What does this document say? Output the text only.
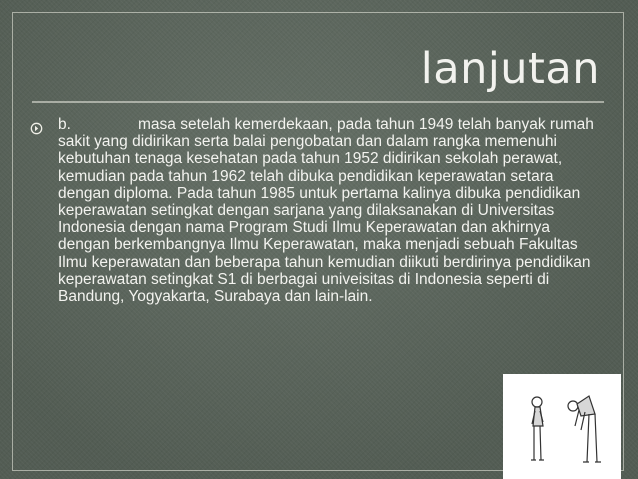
lanjutan
b.	masa setelah kemerdekaan, pada tahun 1949 telah banyak rumah sakit yang didirikan serta balai pengobatan dan dalam rangka memenuhi kebutuhan tenaga kesehatan pada tahun 1952 didirikan sekolah perawat, kemudian pada tahun 1962 telah dibuka pendidikan keperawatan setara dengan diploma. Pada tahun 1985 untuk pertama kalinya dibuka pendidikan keperawatan setingkat dengan sarjana yang dilaksanakan di Universitas Indonesia dengan nama Program Studi Ilmu Keperawatan dan akhirnya dengan berkembangnya Ilmu Keperawatan, maka menjadi sebuah Fakultas Ilmu keperawatan dan beberapa tahun kemudian diikuti berdirinya pendidikan keperawatan setingkat S1 di berbagai univeisitas di Indonesia seperti di Bandung, Yogyakarta, Surabaya dan lain-lain.
